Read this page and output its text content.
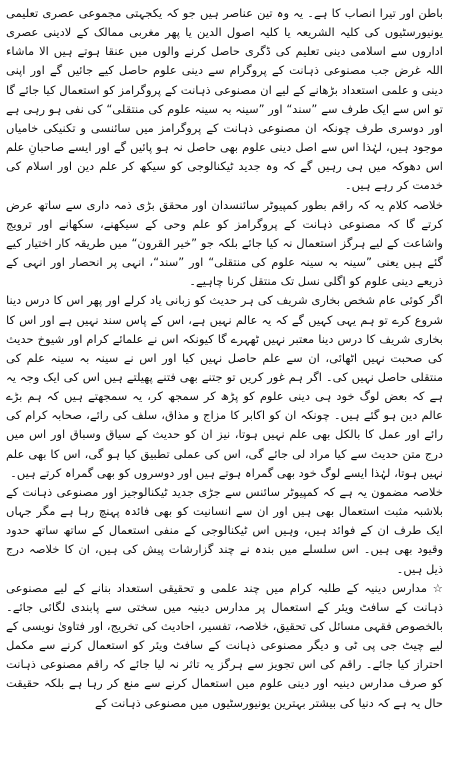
باطن اور تیرا انصاب کا ہے۔ یہ وہ تین عناصر ہیں جو کہ یکجہتی مجموعی عصری تعلیمی یونیورسٹیوں کی کلیہ الشریعہ یا کلیہ اصول الدین یا پھر مغربی ممالک کے لادینی عصری اداروں سے اسلامی دینی تعلیم کی ڈگری حاصل کرنے والوں میں عنقا ہوتے ہیں الا ماشاء اللہ غرض جب مصنوعی ذہانت کے پروگرام سے دینی علوم حاصل کیے جائیں گے اور اپنی دینی و علمی استعداد بڑھانے کے لیے ان مصنوعی ذہانت کے پروگرامز کو استعمال کیا جائے گا تو اس سے ایک طرف سے ”سند“ اور ”سینہ بہ سینہ علوم کی منتقلی“ کی نفی ہو رہی ہے اور دوسری طرف چونکہ ان مصنوعی ذہانت کے پروگرامز میں سائنسی و تکنیکی خامیاں موجود ہیں، لہٰذا اس سے اصل دینی علوم بھی حاصل نہ ہو پائیں گے اور ایسے صاحبانِ علم اس دھوکہ میں ہی رہیں گے کہ وہ جدید ٹیکنالوجی کو سیکھ کر علم دین اور اسلام کی خدمت کر رہے ہیں۔

خلاصہ کلام یہ کہ راقم بطور کمپیوٹر سائنسدان اور محقق بڑی ذمہ داری سے ساتھ عرض کرتے گا کہ مصنوعی ذہانت کے پروگرامز کو علم وحی کے سیکھنے، سکھانے اور ترویج واشاعت کے لیے ہرگز استعمال نہ کیا جائے بلکہ جو ”خیر القرون“ میں طریقہ کار اختیار کیے گئے ہیں یعنی ”سینہ بہ سینہ علوم کی منتقلی“ اور ”سند“، انہی پر انحصار اور انہی کے ذریعے دینی علوم کو اگلی نسل تک منتقل کرنا چاہیے۔

اگر کوئی عام شخص بخاری شریف کی ہر حدیث کو زبانی یاد کرلے اور پھر اس کا درس دینا شروع کرے تو ہم یہی کہیں گے کہ یہ عالم نہیں ہے، اس کے پاس سند نہیں ہے اور اس کا بخاری شریف کا درس دینا معتبر نہیں ٹھہرے گا کیونکہ اس نے علمائے کرام اور شیوخ حدیث کی صحبت نہیں اٹھائی، ان سے علم حاصل نہیں کیا اور اس نے سینہ بہ سینہ علم کی منتقلی حاصل نہیں کی۔ اگر ہم غور کریں تو جتنے بھی فتنے پھیلتے ہیں اس کی ایک وجہ یہ ہے کہ بعض لوگ خود ہی دینی علوم کو پڑھ کر سمجھ کر، یہ سمجھتے ہیں کہ ہم بڑے عالم دین ہو گئے ہیں۔ چونکہ ان کو اکابر کا مزاج و مذاق، سلف کی رائے، صحابہ کرام کی رائے اور عمل کا بالکل بھی علم نہیں ہوتا، نیز ان کو حدیث کے سیاق وسباق اور اس میں درج متن حدیث سے کیا مراد لی جائے گی، اس کی عملی تطبیق کیا ہو گی، اس کا بھی علم نہیں ہوتا، لہٰذا ایسے لوگ خود بھی گمراہ ہوتے ہیں اور دوسروں کو بھی گمراہ کرتے ہیں۔

خلاصہ مضمون یہ ہے کہ کمپیوٹر سائنس سے جڑی جدید ٹیکنالوجیز اور مصنوعی ذہانت کے بلاشبہ مثبت استعمال بھی ہیں اور ان سے انسانیت کو بھی فائدہ پہنچ رہا ہے مگر جہاں ایک طرف ان کے فوائد ہیں، وہیں اس ٹیکنالوجی کے منفی استعمال کے ساتھ ساتھ حدود وقیود بھی ہیں۔ اس سلسلے میں بندہ نے چند گزارشات پیش کی ہیں، ان کا خلاصہ درج ذیل ہیں۔

☆ مدارس دینیہ کے طلبہ کرام میں چند علمی و تحقیقی استعداد بنانے کے لیے مصنوعی ذہانت کے سافٹ ویئر کے استعمال پر مدارس دینیہ میں سختی سے پابندی لگائی جائے۔ بالخصوص فقہی مسائل کی تحقیق، خلاصہ، تفسیر، احادیث کی تخریج، اور فتاویٰ نویسی کے لیے چیٹ جی پی ٹی و دیگر مصنوعی ذہانت کے سافٹ ویئر کو استعمال کرنے سے مکمل احتراز کیا جائے۔ راقم کی اس تجویز سے ہرگز یہ تاثر نہ لیا جائے کہ راقم مصنوعی ذہانت کو صرف مدارس دینیہ اور دینی علوم میں استعمال کرنے سے منع کر رہا ہے بلکہ حقیقت حال یہ ہے کہ دنیا کی بیشتر بہترین یونیورسٹیوں میں مصنوعی ذہانت کے
